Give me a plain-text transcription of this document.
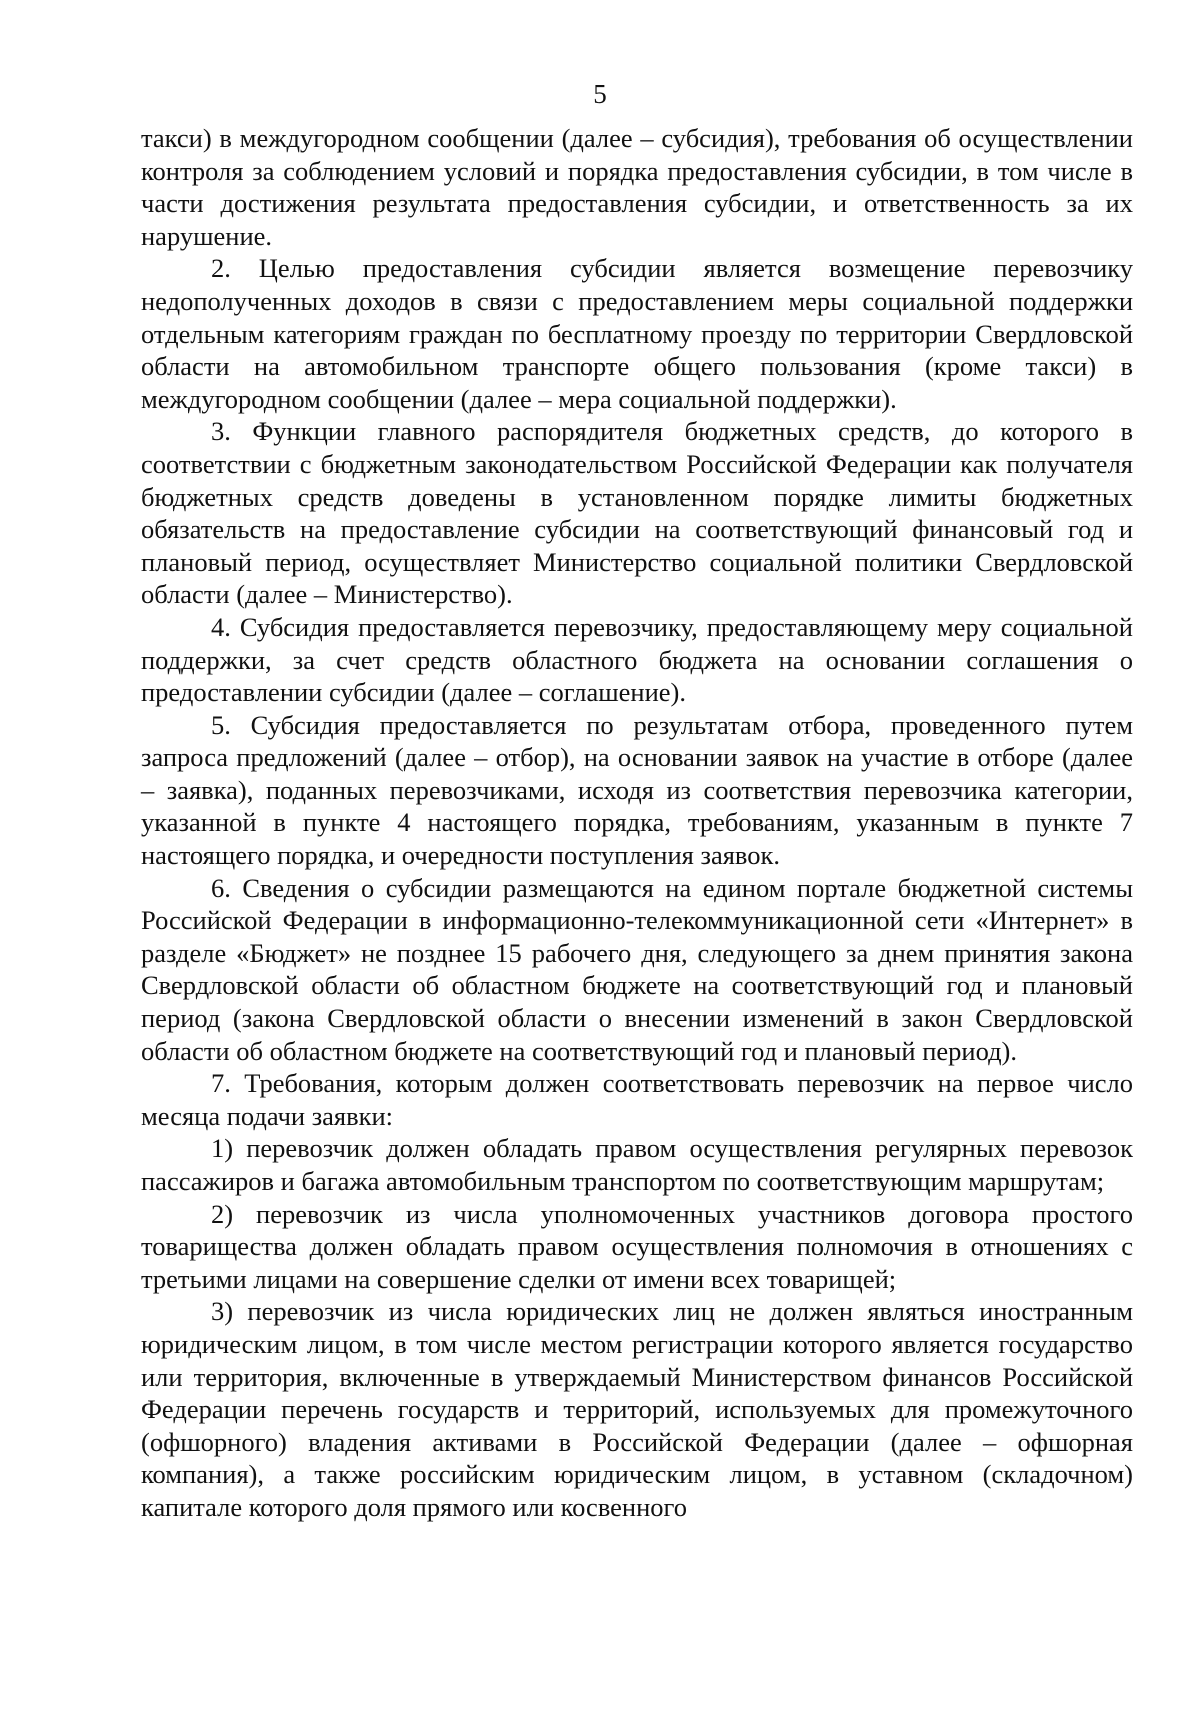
5

такси) в междугородном сообщении (далее – субсидия), требования об осуществлении контроля за соблюдением условий и порядка предоставления субсидии, в том числе в части достижения результата предоставления субсидии, и ответственность за их нарушение.

2. Целью предоставления субсидии является возмещение перевозчику недополученных доходов в связи с предоставлением меры социальной поддержки отдельным категориям граждан по бесплатному проезду по территории Свердловской области на автомобильном транспорте общего пользования (кроме такси) в междугородном сообщении (далее – мера социальной поддержки).

3. Функции главного распорядителя бюджетных средств, до которого в соответствии с бюджетным законодательством Российской Федерации как получателя бюджетных средств доведены в установленном порядке лимиты бюджетных обязательств на предоставление субсидии на соответствующий финансовый год и плановый период, осуществляет Министерство социальной политики Свердловской области (далее – Министерство).

4. Субсидия предоставляется перевозчику, предоставляющему меру социальной поддержки, за счет средств областного бюджета на основании соглашения о предоставлении субсидии (далее – соглашение).

5. Субсидия предоставляется по результатам отбора, проведенного путем запроса предложений (далее – отбор), на основании заявок на участие в отборе (далее – заявка), поданных перевозчиками, исходя из соответствия перевозчика категории, указанной в пункте 4 настоящего порядка, требованиям, указанным в пункте 7 настоящего порядка, и очередности поступления заявок.

6. Сведения о субсидии размещаются на едином портале бюджетной системы Российской Федерации в информационно-телекоммуникационной сети «Интернет» в разделе «Бюджет» не позднее 15 рабочего дня, следующего за днем принятия закона Свердловской области об областном бюджете на соответствующий год и плановый период (закона Свердловской области о внесении изменений в закон Свердловской области об областном бюджете на соответствующий год и плановый период).

7. Требования, которым должен соответствовать перевозчик на первое число месяца подачи заявки:

1) перевозчик должен обладать правом осуществления регулярных перевозок пассажиров и багажа автомобильным транспортом по соответствующим маршрутам;

2) перевозчик из числа уполномоченных участников договора простого товарищества должен обладать правом осуществления полномочия в отношениях с третьими лицами на совершение сделки от имени всех товарищей;

3) перевозчик из числа юридических лиц не должен являться иностранным юридическим лицом, в том числе местом регистрации которого является государство или территория, включенные в утверждаемый Министерством финансов Российской Федерации перечень государств и территорий, используемых для промежуточного (офшорного) владения активами в Российской Федерации (далее – офшорная компания), а также российским юридическим лицом, в уставном (складочном) капитале которого доля прямого или косвенного
